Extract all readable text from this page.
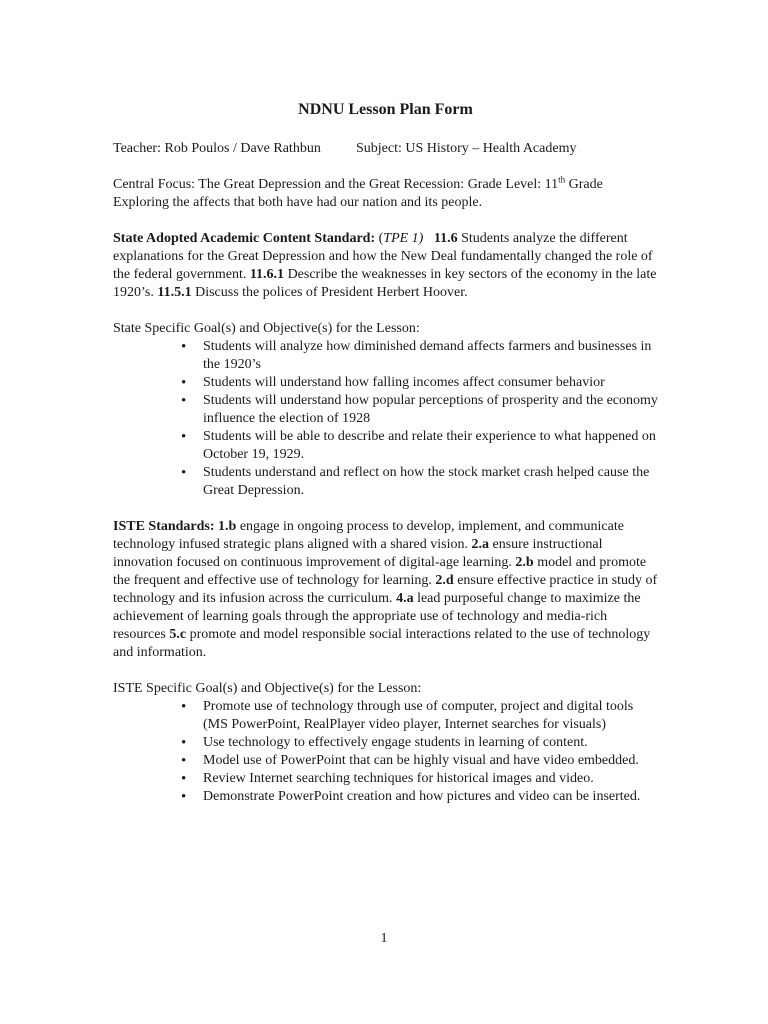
NDNU Lesson Plan Form
Teacher: Rob Poulos / Dave Rathbun	Subject: US History – Health Academy

Central Focus: The Great Depression and the Great Recession: Grade Level: 11th Grade

Exploring the affects that both have had our nation and its people.

State Adopted Academic Content Standard: (TPE 1) 11.6 Students analyze the different explanations for the Great Depression and how the New Deal fundamentally changed the role of the federal government. 11.6.1 Describe the weaknesses in key sectors of the economy in the late 1920’s. 11.5.1 Discuss the polices of President Herbert Hoover.

State Specific Goal(s) and Objective(s) for the Lesson:

• Students will analyze how diminished demand affects farmers and businesses in the 1920’s
• Students will understand how falling incomes affect consumer behavior
• Students will understand how popular perceptions of prosperity and the economy influence the election of 1928
• Students will be able to describe and relate their experience to what happened on October 19, 1929.
• Students understand and reflect on how the stock market crash helped cause the Great Depression.

ISTE Standards: 1.b engage in ongoing process to develop, implement, and communicate technology infused strategic plans aligned with a shared vision. 2.a ensure instructional innovation focused on continuous improvement of digital-age learning. 2.b model and promote the frequent and effective use of technology for learning. 2.d ensure effective practice in study of technology and its infusion across the curriculum. 4.a lead purposeful change to maximize the achievement of learning goals through the appropriate use of technology and media-rich resources 5.c promote and model responsible social interactions related to the use of technology and information.

ISTE Specific Goal(s) and Objective(s) for the Lesson:

• Promote use of technology through use of computer, project and digital tools (MS PowerPoint, RealPlayer video player, Internet searches for visuals)
• Use technology to effectively engage students in learning of content.
• Model use of PowerPoint that can be highly visual and have video embedded.
• Review Internet searching techniques for historical images and video.
• Demonstrate PowerPoint creation and how pictures and video can be inserted.
1
